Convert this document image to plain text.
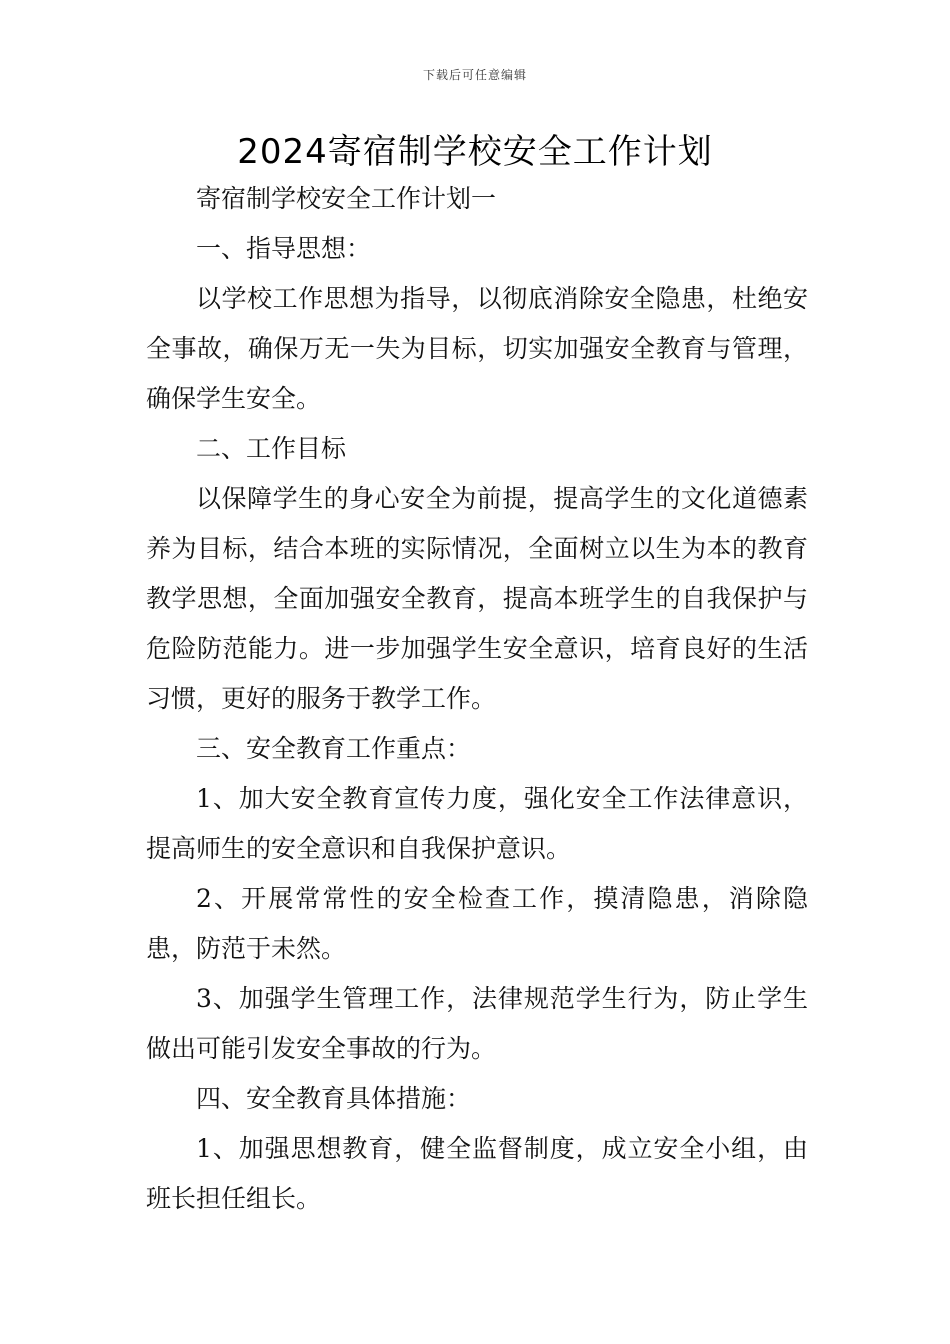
下载后可任意编辑
2024寄宿制学校安全工作计划

寄宿制学校安全工作计划一

一、指导思想：

以学校工作思想为指导，以彻底消除安全隐患，杜绝安全事故，确保万无一失为目标，切实加强安全教育与管理，确保学生安全。

二、工作目标

以保障学生的身心安全为前提，提高学生的文化道德素养为目标，结合本班的实际情况，全面树立以生为本的教育教学思想，全面加强安全教育，提高本班学生的自我保护与危险防范能力。进一步加强学生安全意识，培育良好的生活习惯，更好的服务于教学工作。

三、安全教育工作重点：

1、加大安全教育宣传力度，强化安全工作法律意识，提高师生的安全意识和自我保护意识。

2、开展常常性的安全检查工作，摸清隐患，消除隐患，防范于未然。

3、加强学生管理工作，法律规范学生行为，防止学生做出可能引发安全事故的行为。

四、安全教育具体措施：

1、加强思想教育，健全监督制度，成立安全小组，由班长担任组长。
